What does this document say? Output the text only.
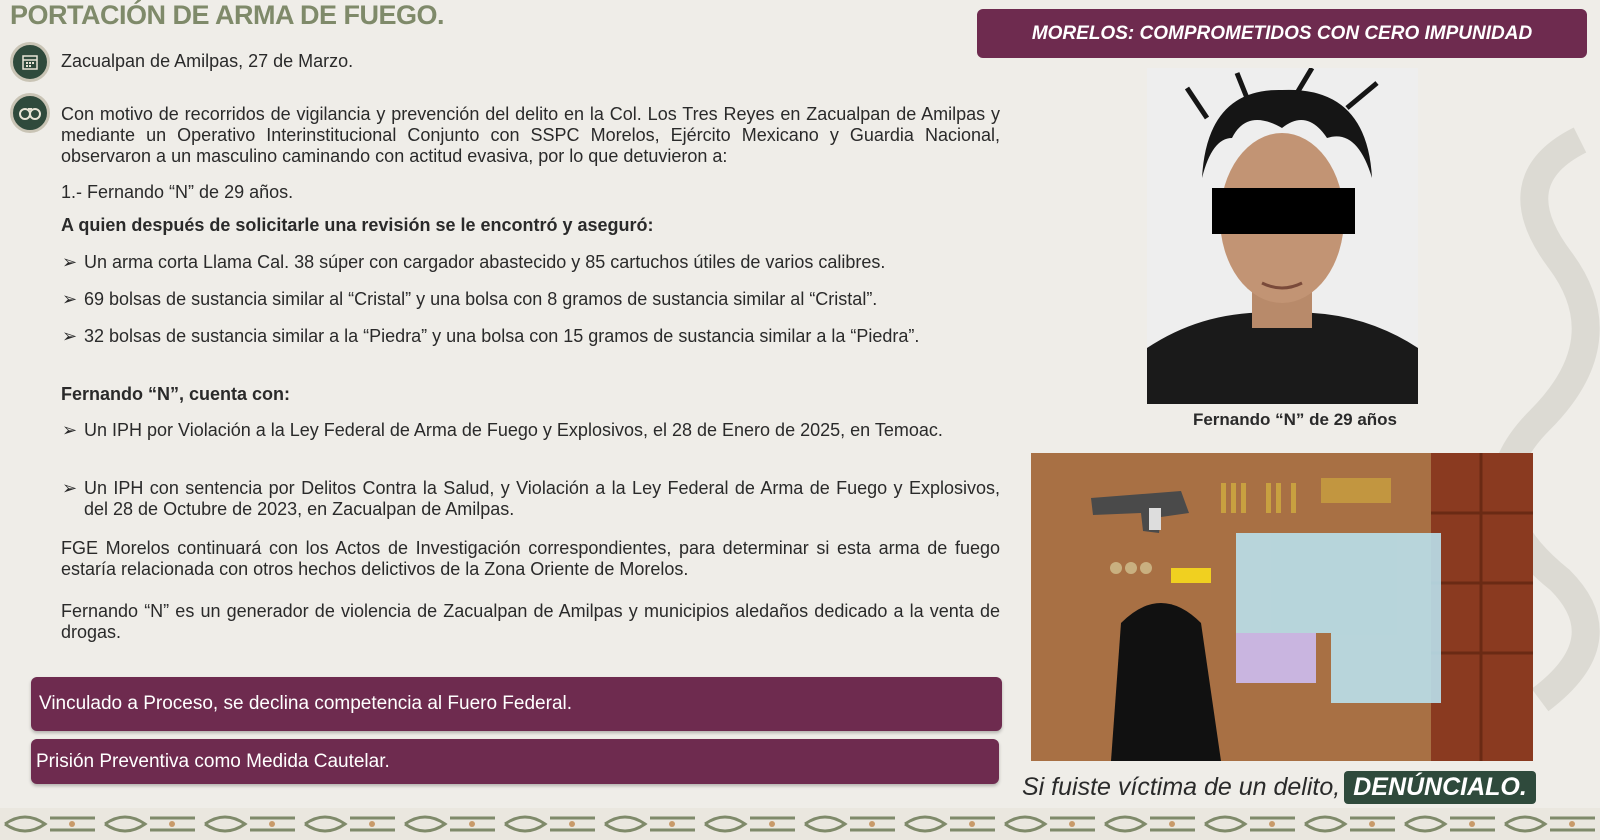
PORTACIÓN DE ARMA DE FUEGO.
MORELOS: COMPROMETIDOS CON CERO IMPUNIDAD
Zacualpan de Amilpas, 27 de Marzo.
Con motivo de recorridos de vigilancia y prevención del delito en la Col. Los Tres Reyes en Zacualpan de Amilpas y mediante un Operativo Interinstitucional Conjunto con SSPC Morelos, Ejército Mexicano y Guardia Nacional, observaron a un masculino caminando con actitud evasiva, por lo que detuvieron a:
1.- Fernando “N” de 29 años.
A quien después de solicitarle una revisión se le encontró y aseguró:
➢ Un arma corta Llama Cal. 38 súper con cargador abastecido y 85 cartuchos útiles de varios calibres.
➢ 69 bolsas de sustancia similar al “Cristal” y una bolsa con 8 gramos de sustancia similar al “Cristal”.
➢ 32 bolsas de sustancia similar a la “Piedra” y una bolsa con 15 gramos de sustancia similar a la “Piedra”.
Fernando “N”, cuenta con:
➢ Un IPH por Violación a la Ley Federal de Arma de Fuego y Explosivos, el 28 de Enero de 2025, en Temoac.
➢ Un IPH con sentencia por Delitos Contra la Salud, y Violación a la Ley Federal de Arma de Fuego y Explosivos, del 28 de Octubre de 2023, en Zacualpan de Amilpas.
FGE Morelos continuará con los Actos de Investigación correspondientes, para determinar si esta arma de fuego estaría relacionada con otros hechos delictivos de la Zona Oriente de Morelos.
Fernando “N” es un generador de violencia de Zacualpan de Amilpas y municipios aledaños dedicado a la venta de drogas.
Vinculado a Proceso, se declina competencia al Fuero Federal.
Prisión Preventiva como Medida Cautelar.
Fernando “N” de 29 años
Si fuiste víctima de un delito, DENÚNCIALO.
